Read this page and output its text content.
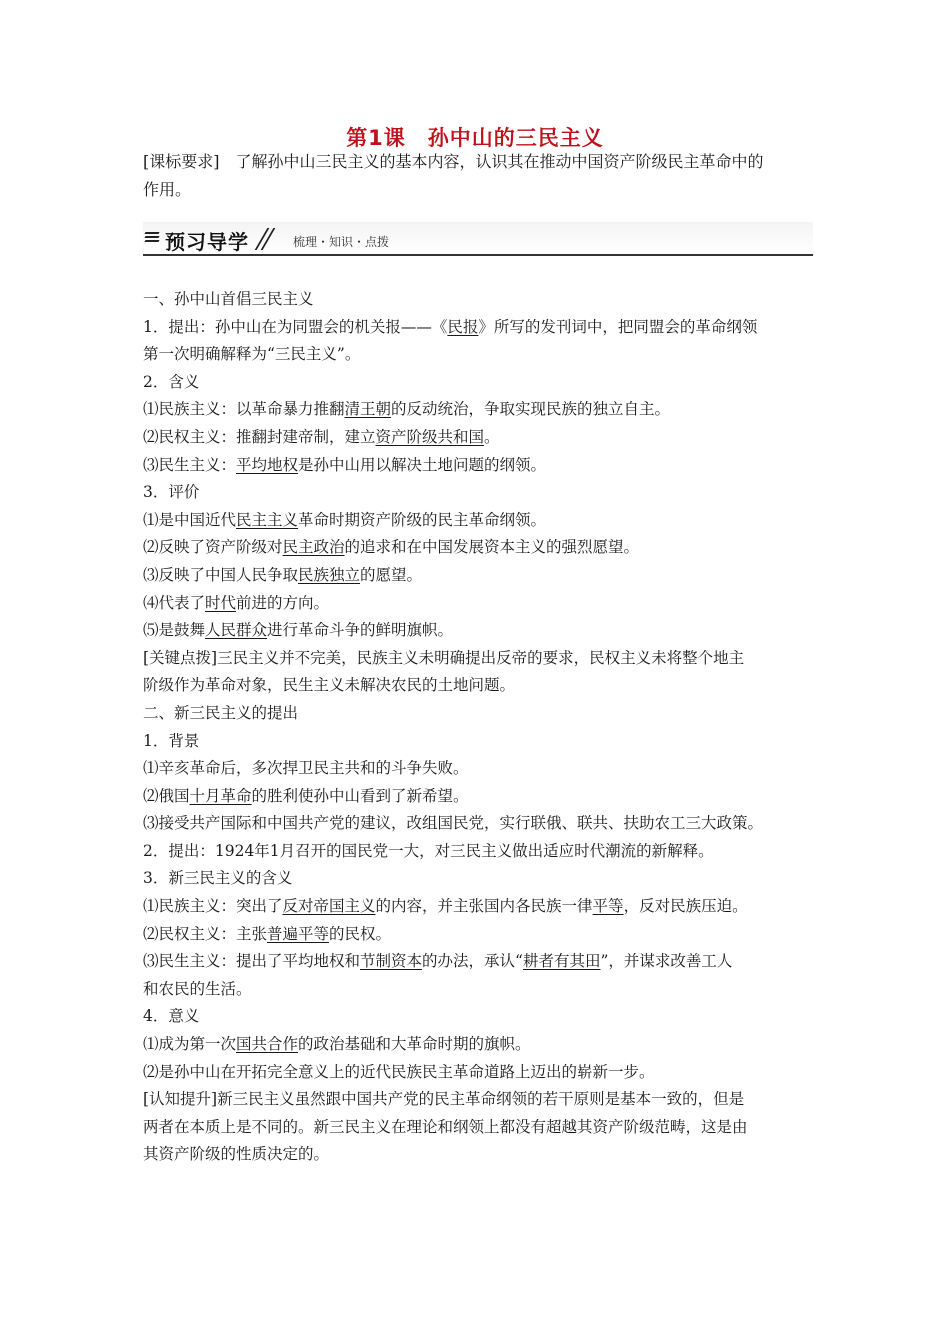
第1课　孙中山的三民主义
[课标要求]　了解孙中山三民主义的基本内容，认识其在推动中国资产阶级民主革命中的
作用。
预习导学	梳理・知识・点拨

一、孙中山首倡三民主义

1．提出：孙中山在为同盟会的机关报——《民报》所写的发刊词中，把同盟会的革命纲领

第一次明确解释为“三民主义”。

2．含义

⑴民族主义：以革命暴力推翻清王朝的反动统治，争取实现民族的独立自主。

⑵民权主义：推翻封建帝制，建立资产阶级共和国。

⑶民生主义：平均地权是孙中山用以解决土地问题的纲领。

3．评价

⑴是中国近代民主主义革命时期资产阶级的民主革命纲领。

⑵反映了资产阶级对民主政治的追求和在中国发展资本主义的强烈愿望。

⑶反映了中国人民争取民族独立的愿望。

⑷代表了时代前进的方向。

⑸是鼓舞人民群众进行革命斗争的鲜明旗帜。

[关键点拨]三民主义并不完美，民族主义未明确提出反帝的要求，民权主义未将整个地主

阶级作为革命对象，民生主义未解决农民的土地问题。

二、新三民主义的提出

1．背景

⑴辛亥革命后，多次捍卫民主共和的斗争失败。

⑵俄国十月革命的胜利使孙中山看到了新希望。

⑶接受共产国际和中国共产党的建议，改组国民党，实行联俄、联共、扶助农工三大政策。

2．提出：1924年1月召开的国民党一大，对三民主义做出适应时代潮流的新解释。

3．新三民主义的含义

⑴民族主义：突出了反对帝国主义的内容，并主张国内各民族一律平等，反对民族压迫。

⑵民权主义：主张普遍平等的民权。

⑶民生主义：提出了平均地权和节制资本的办法，承认“耕者有其田”，并谋求改善工人

和农民的生活。

4．意义

⑴成为第一次国共合作的政治基础和大革命时期的旗帜。

⑵是孙中山在开拓完全意义上的近代民族民主革命道路上迈出的崭新一步。

[认知提升]新三民主义虽然跟中国共产党的民主革命纲领的若干原则是基本一致的，但是

两者在本质上是不同的。新三民主义在理论和纲领上都没有超越其资产阶级范畴，这是由

其资产阶级的性质决定的。
